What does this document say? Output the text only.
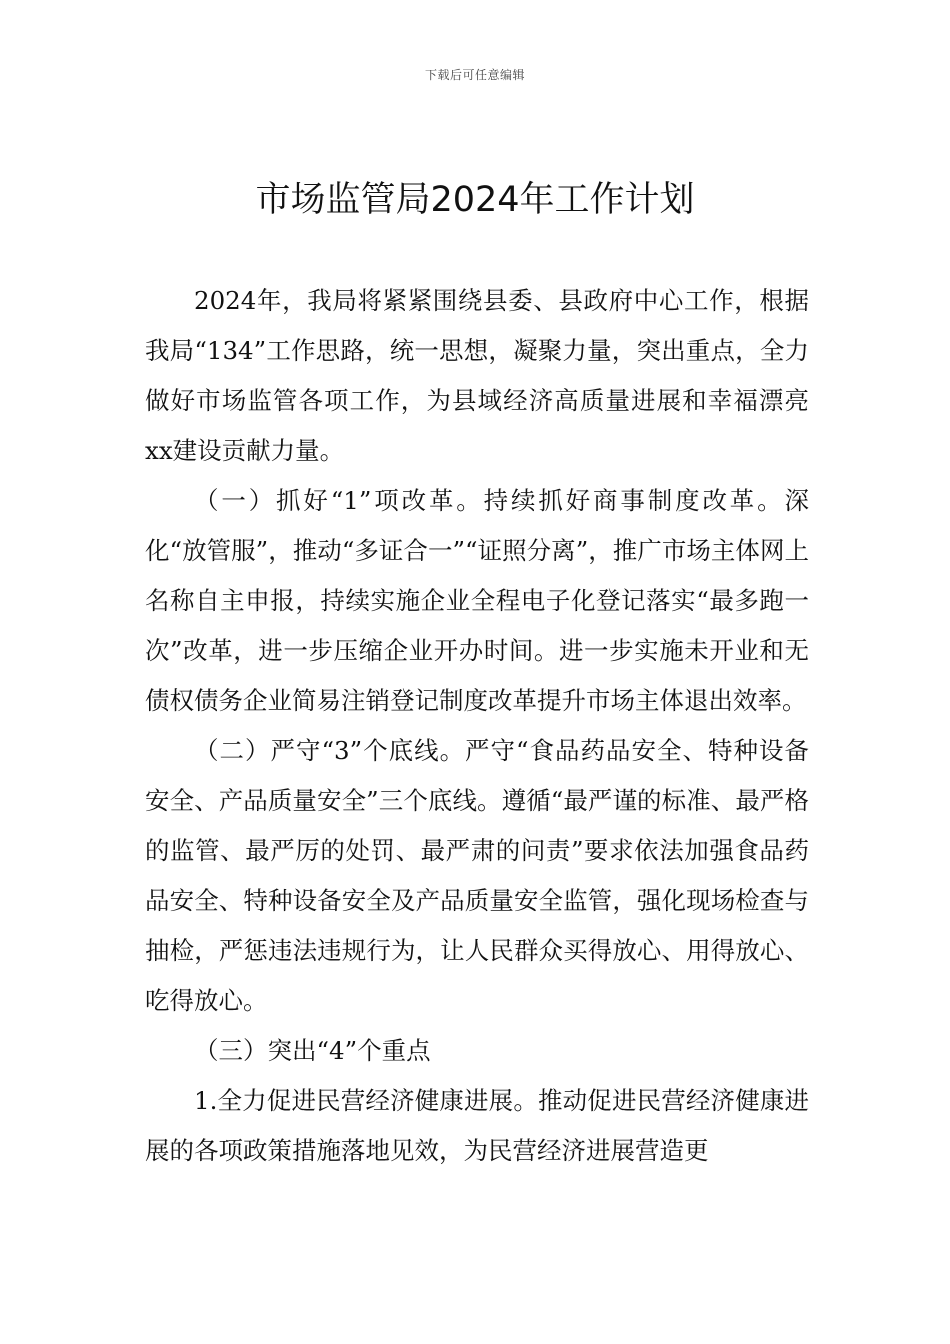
下载后可任意编辑
市场监管局2024年工作计划

2024年，我局将紧紧围绕县委、县政府中心工作，根据我局“134”工作思路，统一思想，凝聚力量，突出重点，全力做好市场监管各项工作，为县域经济高质量进展和幸福漂亮xx建设贡献力量。

（一）抓好“1”项改革。持续抓好商事制度改革。深化“放管服”，推动“多证合一”“证照分离”，推广市场主体网上名称自主申报，持续实施企业全程电子化登记落实“最多跑一次”改革，进一步压缩企业开办时间。进一步实施未开业和无债权债务企业简易注销登记制度改革提升市场主体退出效率。

（二）严守“3”个底线。严守“食品药品安全、特种设备安全、产品质量安全”三个底线。遵循“最严谨的标准、最严格的监管、最严厉的处罚、最严肃的问责”要求依法加强食品药品安全、特种设备安全及产品质量安全监管，强化现场检查与抽检，严惩违法违规行为，让人民群众买得放心、用得放心、吃得放心。

（三）突出“4”个重点

1.全力促进民营经济健康进展。推动促进民营经济健康进展的各项政策措施落地见效，为民营经济进展营造更
